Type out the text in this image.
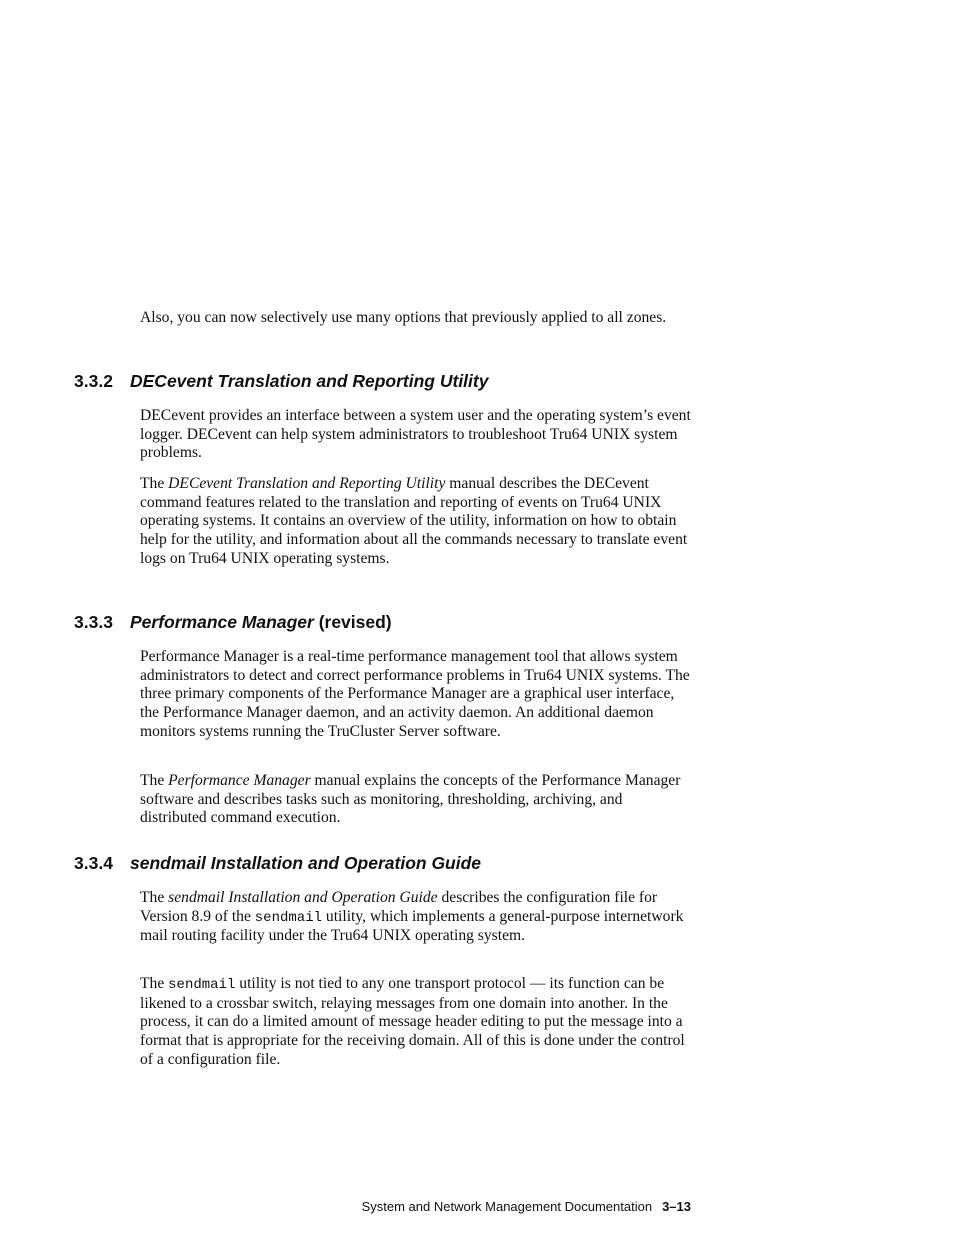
Also, you can now selectively use many options that previously applied to all zones.

3.3.2 DECevent Translation and Reporting Utility

DECevent provides an interface between a system user and the operating system’s event logger. DECevent can help system administrators to troubleshoot Tru64 UNIX system problems.

The DECevent Translation and Reporting Utility manual describes the DECevent command features related to the translation and reporting of events on Tru64 UNIX operating systems. It contains an overview of the utility, information on how to obtain help for the utility, and information about all the commands necessary to translate event logs on Tru64 UNIX operating systems.

3.3.3 Performance Manager (revised)

Performance Manager is a real-time performance management tool that allows system administrators to detect and correct performance problems in Tru64 UNIX systems. The three primary components of the Performance Manager are a graphical user interface, the Performance Manager daemon, and an activity daemon. An additional daemon monitors systems running the TruCluster Server software.

The Performance Manager manual explains the concepts of the Performance Manager software and describes tasks such as monitoring, thresholding, archiving, and distributed command execution.

3.3.4 sendmail Installation and Operation Guide

The sendmail Installation and Operation Guide describes the configuration file for Version 8.9 of the sendmail utility, which implements a general-purpose internetwork mail routing facility under the Tru64 UNIX operating system.

The sendmail utility is not tied to any one transport protocol — its function can be likened to a crossbar switch, relaying messages from one domain into another. In the process, it can do a limited amount of message header editing to put the message into a format that is appropriate for the receiving domain. All of this is done under the control of a configuration file.

System and Network Management Documentation 3–13
